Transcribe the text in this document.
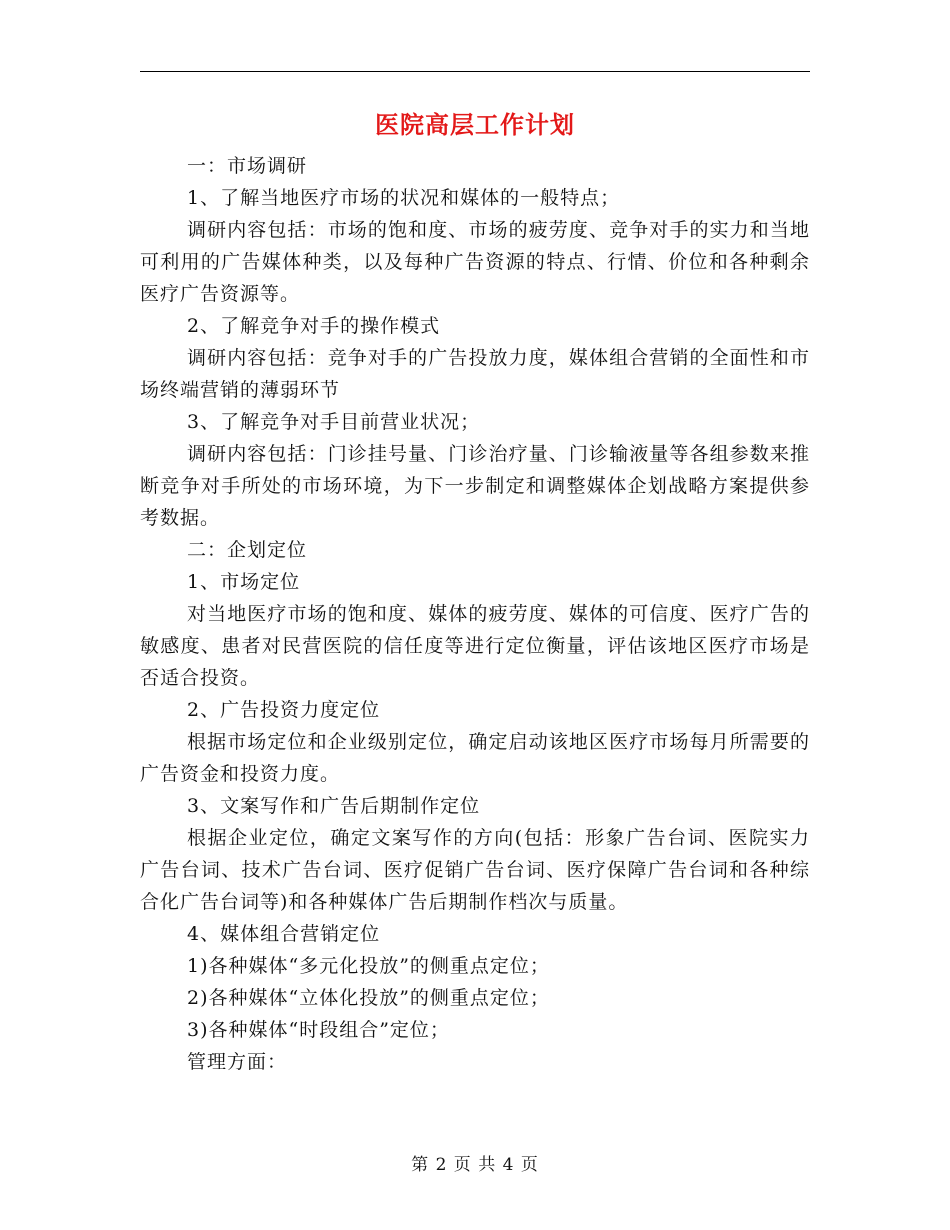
医院高层工作计划

一：市场调研

1、了解当地医疗市场的状况和媒体的一般特点；

调研内容包括：市场的饱和度、市场的疲劳度、竞争对手的实力和当地可利用的广告媒体种类，以及每种广告资源的特点、行情、价位和各种剩余医疗广告资源等。

2、了解竞争对手的操作模式

调研内容包括：竞争对手的广告投放力度，媒体组合营销的全面性和市场终端营销的薄弱环节

3、了解竞争对手目前营业状况；

调研内容包括：门诊挂号量、门诊治疗量、门诊输液量等各组参数来推断竞争对手所处的市场环境，为下一步制定和调整媒体企划战略方案提供参考数据。

二：企划定位

1、市场定位

对当地医疗市场的饱和度、媒体的疲劳度、媒体的可信度、医疗广告的敏感度、患者对民营医院的信任度等进行定位衡量，评估该地区医疗市场是否适合投资。

2、广告投资力度定位

根据市场定位和企业级别定位，确定启动该地区医疗市场每月所需要的广告资金和投资力度。

3、文案写作和广告后期制作定位

根据企业定位，确定文案写作的方向(包括：形象广告台词、医院实力广告台词、技术广告台词、医疗促销广告台词、医疗保障广告台词和各种综合化广告台词等)和各种媒体广告后期制作档次与质量。

4、媒体组合营销定位

1)各种媒体“多元化投放”的侧重点定位；

2)各种媒体“立体化投放”的侧重点定位；

3)各种媒体“时段组合”定位；

管理方面：

第 2 页 共 4 页
